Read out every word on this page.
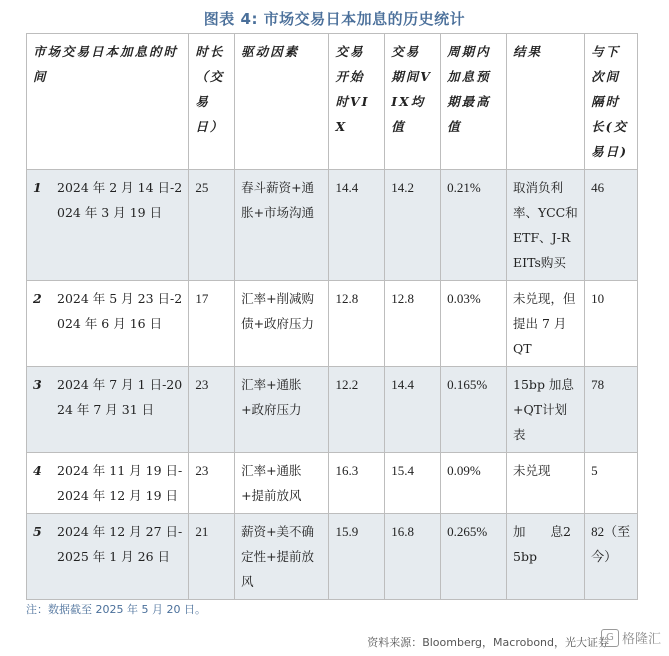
图表 4: 市场交易日本加息的历史统计
市场交易日本加息的时间	时长（交易日）	驱动因素	交易开始时VIX	交易期间VIX均值	周期内加息预期最高值	结果	与下次间隔时长(交易日)

1 2024 年 2 月 14 日-2024 年 3 月 19 日	25	春斗薪资+通胀+市场沟通	14.4	14.2	0.21%	取消负利率、YCC和ETF、J-REITs购买	46

2 2024 年 5 月 23 日-2024 年 6 月 16 日	17	汇率+削减购债+政府压力	12.8	12.8	0.03%	未兑现，但提出 7 月 QT	10

3 2024 年 7 月 1 日-2024 年 7 月 31 日	23	汇率+通胀+政府压力	12.2	14.4	0.165%	15bp 加息 +QT计划表	78

4 2024 年 11 月 19 日-2024 年 12 月 19 日	23	汇率+通胀+提前放风	16.3	15.4	0.09%	未兑现	5

5 2024 年 12 月 27 日-2025 年 1 月 26 日	21	薪资+美不确定性+提前放风	15.9	16.8	0.265%	加　　息25bp	82（至今）
注：数据截至 2025 年 5 月 20 日。
资料来源：Bloomberg，Macrobond，光大证券
G 格隆汇
